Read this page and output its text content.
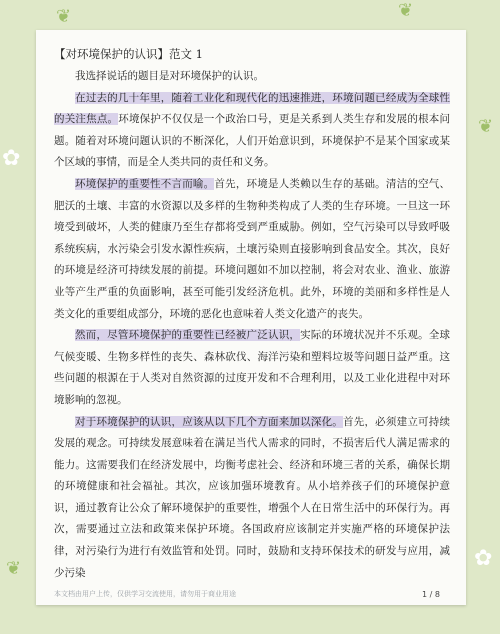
✿
✿
❦	❦
❦
❦
【对环境保护的认识】范文 1

我选择说话的题目是对环境保护的认识。

在过去的几十年里，随着工业化和现代化的迅速推进，环境问题已经成为全球性的关注焦点。环境保护不仅仅是一个政治口号，更是关系到人类生存和发展的根本问题。随着对环境问题认识的不断深化，人们开始意识到，环境保护不是某个国家或某个区域的事情，而是全人类共同的责任和义务。

环境保护的重要性不言而喻。首先，环境是人类赖以生存的基础。清洁的空气、肥沃的土壤、丰富的水资源以及多样的生物种类构成了人类的生存环境。一旦这一环境受到破坏，人类的健康乃至生存都将受到严重威胁。例如，空气污染可以导致呼吸系统疾病，水污染会引发水源性疾病，土壤污染则直接影响到食品安全。其次，良好的环境是经济可持续发展的前提。环境问题如不加以控制，将会对农业、渔业、旅游业等产生严重的负面影响，甚至可能引发经济危机。此外，环境的美丽和多样性是人类文化的重要组成部分，环境的恶化也意味着人类文化遗产的丧失。

然而，尽管环境保护的重要性已经被广泛认识，实际的环境状况并不乐观。全球气候变暖、生物多样性的丧失、森林砍伐、海洋污染和塑料垃圾等问题日益严重。这些问题的根源在于人类对自然资源的过度开发和不合理利用，以及工业化进程中对环境影响的忽视。

对于环境保护的认识，应该从以下几个方面来加以深化。首先，必须建立可持续发展的观念。可持续发展意味着在满足当代人需求的同时，不损害后代人满足需求的能力。这需要我们在经济发展中，均衡考虑社会、经济和环境三者的关系，确保长期的环境健康和社会福祉。其次，应该加强环境教育。从小培养孩子们的环境保护意识，通过教育让公众了解环境保护的重要性，增强个人在日常生活中的环保行为。再次，需要通过立法和政策来保护环境。各国政府应该制定并实施严格的环境保护法律，对污染行为进行有效监管和处罚。同时，鼓励和支持环保技术的研发与应用，减少污染

本文档由用户上传，仅供学习交流使用，请勿用于商业用途	1 / 8
